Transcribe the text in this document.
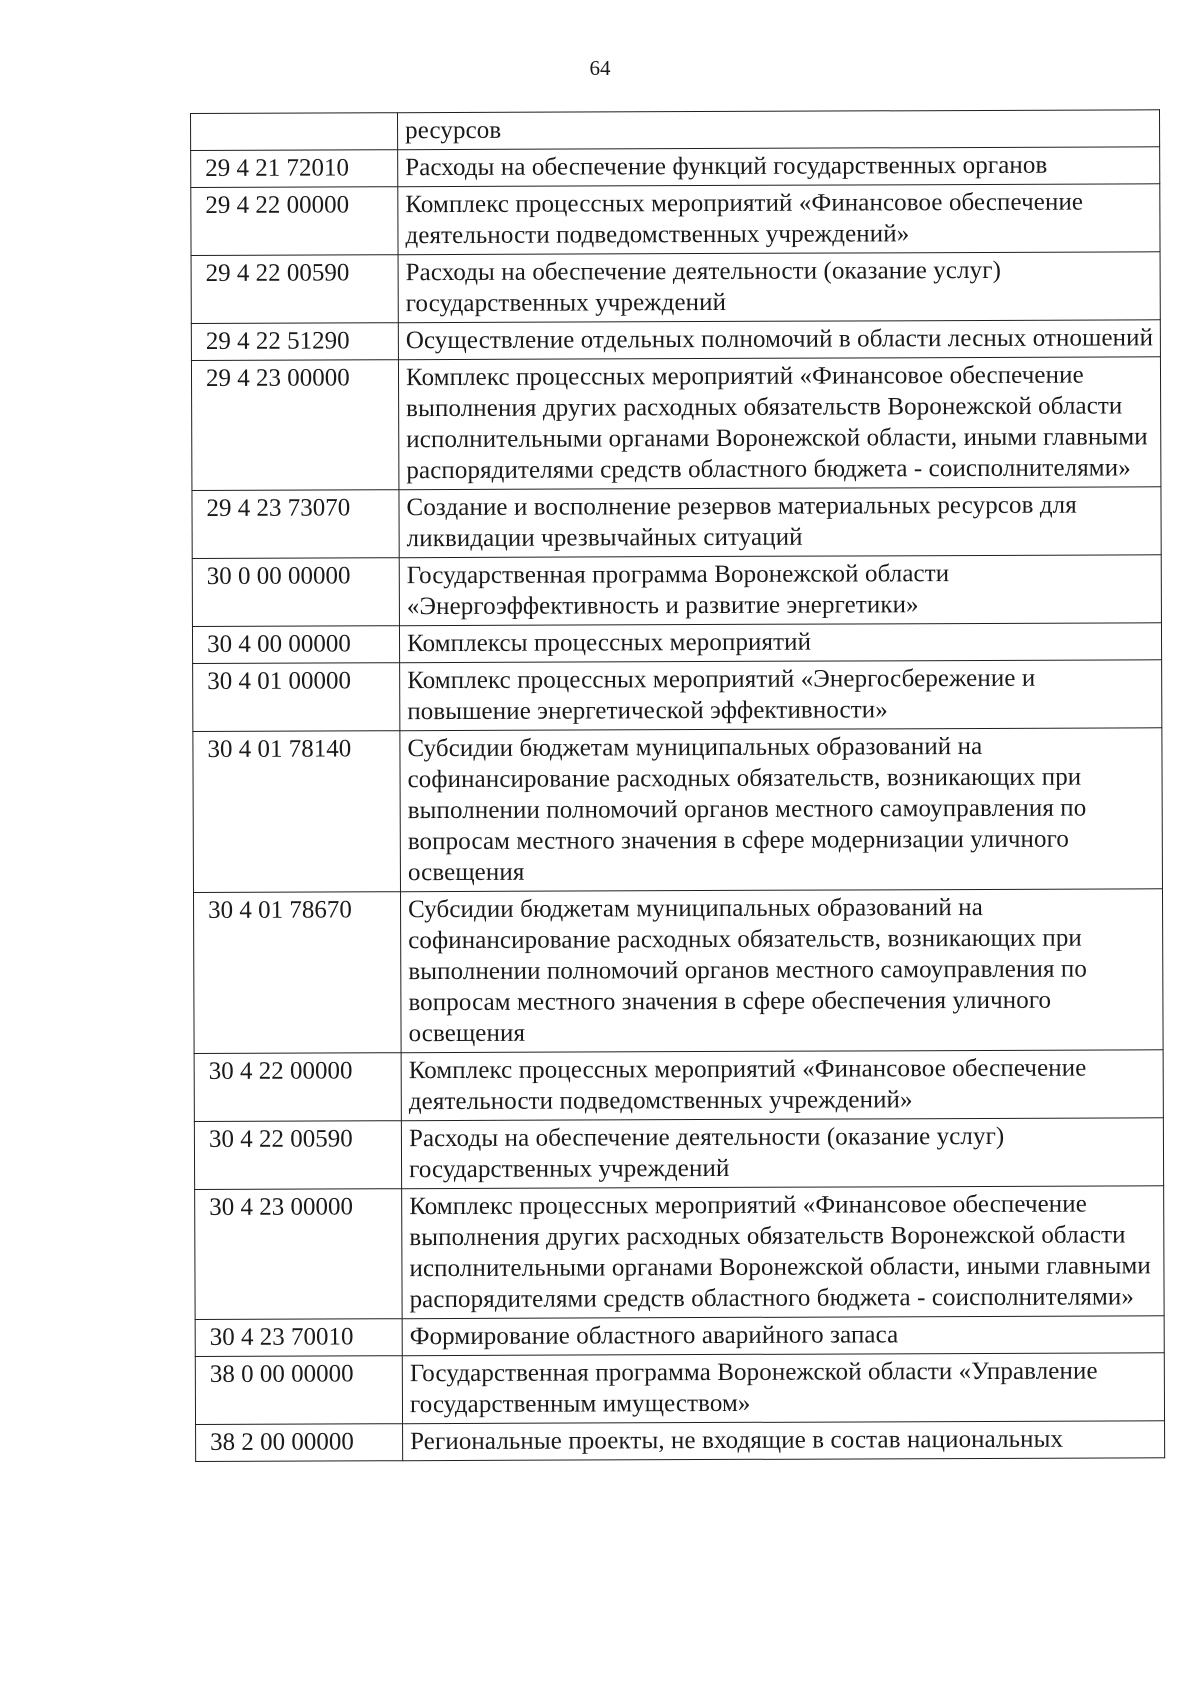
64
	ресурсов
29 4 21 72010	Расходы на обеспечение функций государственных органов
29 4 22 00000	Комплекс процессных мероприятий «Финансовое обеспечение деятельности подведомственных учреждений»
29 4 22 00590	Расходы на обеспечение деятельности (оказание услуг) государственных учреждений
29 4 22 51290	Осуществление отдельных полномочий в области лесных отношений
29 4 23 00000	Комплекс процессных мероприятий «Финансовое обеспечение выполнения других расходных обязательств Воронежской области исполнительными органами Воронежской области, иными главными распорядителями средств областного бюджета - соисполнителями»
29 4 23 73070	Создание и восполнение резервов материальных ресурсов для ликвидации чрезвычайных ситуаций
30 0 00 00000	Государственная программа Воронежской области «Энергоэффективность и развитие энергетики»
30 4 00 00000	Комплексы процессных мероприятий
30 4 01 00000	Комплекс процессных мероприятий «Энергосбережение и повышение энергетической эффективности»
30 4 01 78140	Субсидии бюджетам муниципальных образований на софинансирование расходных обязательств, возникающих при выполнении полномочий органов местного самоуправления по вопросам местного значения в сфере модернизации уличного освещения
30 4 01 78670	Субсидии бюджетам муниципальных образований на софинансирование расходных обязательств, возникающих при выполнении полномочий органов местного самоуправления по вопросам местного значения в сфере обеспечения уличного освещения
30 4 22 00000	Комплекс процессных мероприятий «Финансовое обеспечение деятельности подведомственных учреждений»
30 4 22 00590	Расходы на обеспечение деятельности (оказание услуг) государственных учреждений
30 4 23 00000	Комплекс процессных мероприятий «Финансовое обеспечение выполнения других расходных обязательств Воронежской области исполнительными органами Воронежской области, иными главными распорядителями средств областного бюджета - соисполнителями»
30 4 23 70010	Формирование областного аварийного запаса
38 0 00 00000	Государственная программа Воронежской области «Управление государственным имуществом»
38 2 00 00000	Региональные проекты, не входящие в состав национальных
